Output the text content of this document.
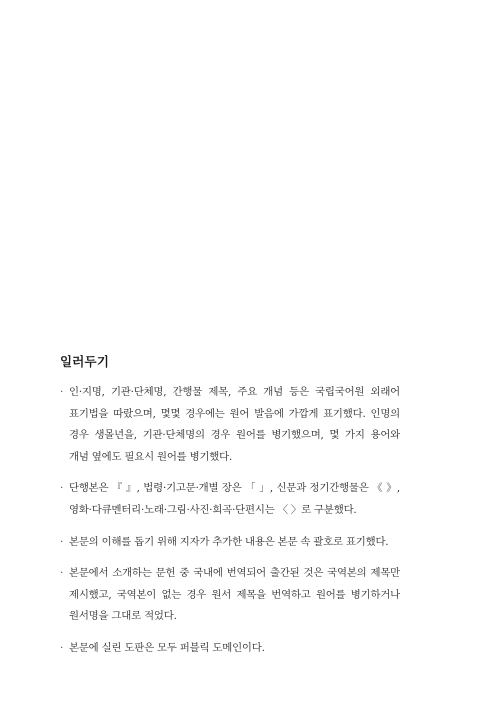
일러두기
· 인·지명, 기관·단체명, 간행물 제목, 주요 개념 등은 국립국어원 외래어 표기법을 따랐으며, 몇몇 경우에는 원어 발음에 가깝게 표기했다. 인명의 경우 생몰년을, 기관·단체명의 경우 원어를 병기했으며, 몇 가지 용어와 개념 옆에도 필요시 원어를 병기했다.
· 단행본은 『 』, 법령·기고문·개별 장은 「 」, 신문과 정기간행물은 《 》, 영화·다큐멘터리·노래·그림·사진·희곡·단편시는 〈 〉로 구분했다.
· 본문의 이해를 돕기 위해 지자가 추가한 내용은 본문 속 괄호로 표기했다.
· 본문에서 소개하는 문헌 중 국내에 번역되어 출간된 것은 국역본의 제목만 제시했고, 국역본이 없는 경우 원서 제목을 번역하고 원어를 병기하거나 원서명을 그대로 적었다.
· 본문에 실린 도판은 모두 퍼블릭 도메인이다.
